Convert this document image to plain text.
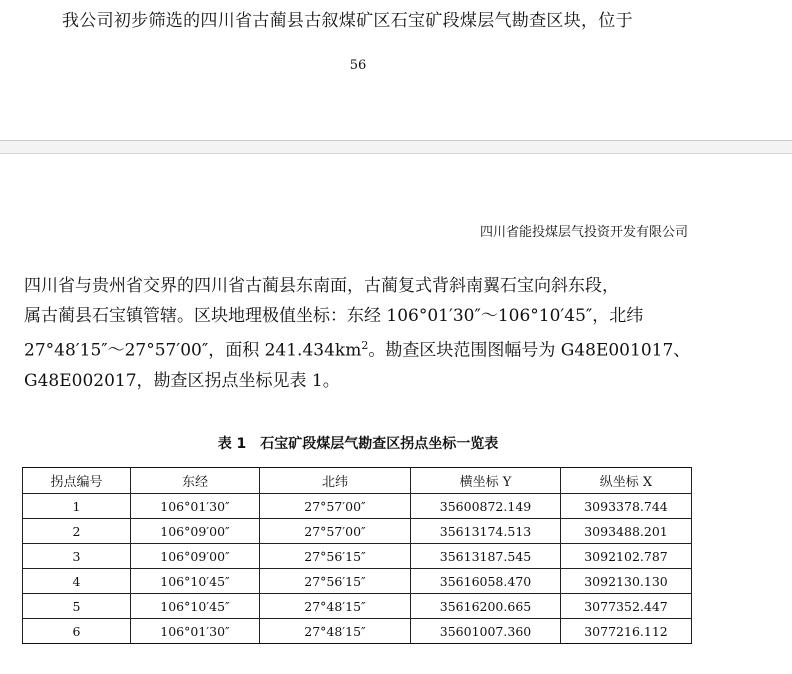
我公司初步筛选的四川省古蔺县古叙煤矿区石宝矿段煤层气勘查区块，位于
56
四川省能投煤层气投资开发有限公司

四川省与贵州省交界的四川省古蔺县东南面，古蔺复式背斜南翼石宝向斜东段，

属古蔺县石宝镇管辖。区块地理极值坐标：东经 106°01′30″～106°10′45″，北纬

27°48′15″～27°57′00″，面积 $241.434km^2$。勘查区块范围图幅号为 G48E001017、

G48E002017，勘查区拐点坐标见表 1。

表 1　石宝矿段煤层气勘查区拐点坐标一览表
拐点编号	东经	北纬	横坐标 Y	纵坐标 X
1	106°01′30″	27°57′00″	35600872.149	3093378.744
2	106°09′00″	27°57′00″	35613174.513	3093488.201
3	106°09′00″	27°56′15″	35613187.545	3092102.787
4	106°10′45″	27°56′15″	35616058.470	3092130.130
5	106°10′45″	27°48′15″	35616200.665	3077352.447
6	106°01′30″	27°48′15″	35601007.360	3077216.112
